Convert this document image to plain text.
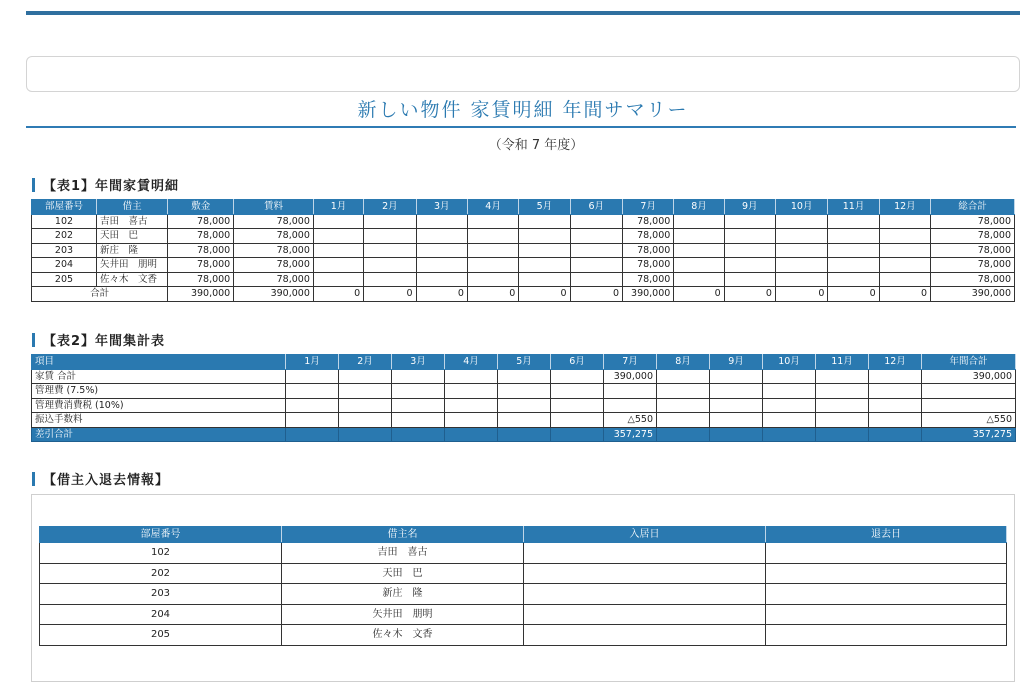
新しい物件 家賃明細 年間サマリー
（令和 7 年度）
【表1】年間家賃明細
部屋番号	借主	敷金	賃料	1月	2月	3月	4月	5月	6月	7月	8月	9月	10月	11月	12月	総合計
102	吉田　喜古	78,000	78,000							78,000						78,000
202	天田　巴	78,000	78,000							78,000						78,000
203	新庄　隆	78,000	78,000							78,000						78,000
204	矢井田　朋明	78,000	78,000							78,000						78,000
205	佐々木　文香	78,000	78,000							78,000						78,000
合計		390,000	390,000	0	0	0	0	0	0	390,000	0	0	0	0	0	390,000
【表2】年間集計表
項目	1月	2月	3月	4月	5月	6月	7月	8月	9月	10月	11月	12月	年間合計
家賃 合計							390,000						390,000
管理費 (7.5%)													
管理費消費税 (10%)													
振込手数料							△550						△550
差引合計							357,275						357,275
【借主入退去情報】
部屋番号	借主名	入居日	退去日
102	吉田　喜古		
202	天田　巴		
203	新庄　隆		
204	矢井田　朋明		
205	佐々木　文香		
